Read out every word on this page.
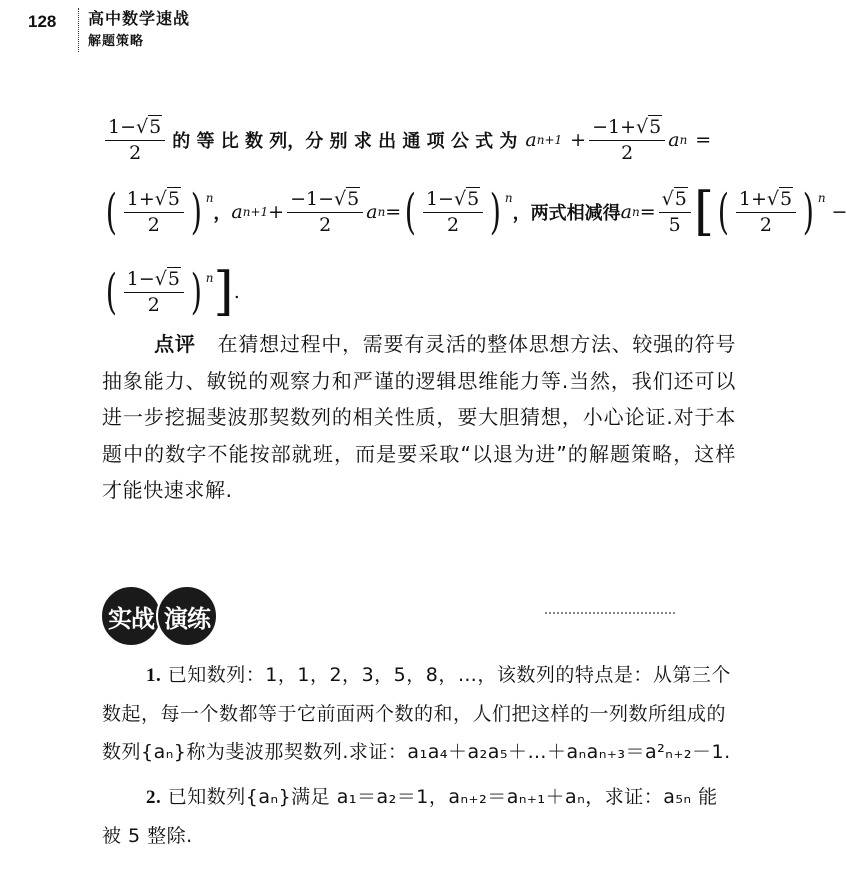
128 高中数学速战
解题策略
$\frac{1-√5}{2}$ 的 等 比 数 列，分 别 求 出 通 项 公 式 为 a $n+1 + \frac{-1+√5}{2}$ a n =
( $\frac{1+√5}{2}$ ) $^n$
， a $n+1 + \frac{-1-√5}{2}$ a n = ( $\frac{1-√5}{2}$ ) $^n$
，两式相减得 a $n = \frac{√5}{5}$ [ ( $\frac{1+√5}{2}$ ) $^n$
−
( $\frac{1-√5}{2}$ ) $^n$ ] .
点评 在猜想过程中，需要有灵活的整体思想方法、较强的符号抽象能力、敏锐的观察力和严谨的逻辑思维能力等.当然，我们还可以进一步挖掘斐波那契数列的相关性质，要大胆猜想，小心论证.对于本题中的数字不能按部就班，而是要采取“以退为进”的解题策略，这样才能快速求解.
实战 演练
1. 已知数列：1，1，2，3，5，8，…，该数列的特点是：从第三个数起，每一个数都等于它前面两个数的和，人们把这样的一列数所组成的数列{aₙ}称为斐波那契数列.求证：a₁a₄＋a₂a₅＋…＋aₙaₙ₊₃＝a²ₙ₊₂－1.
2. 已知数列{aₙ}满足 a₁＝a₂＝1，aₙ₊₂＝aₙ₊₁＋aₙ，求证：a₅ₙ 能被 5 整除.
